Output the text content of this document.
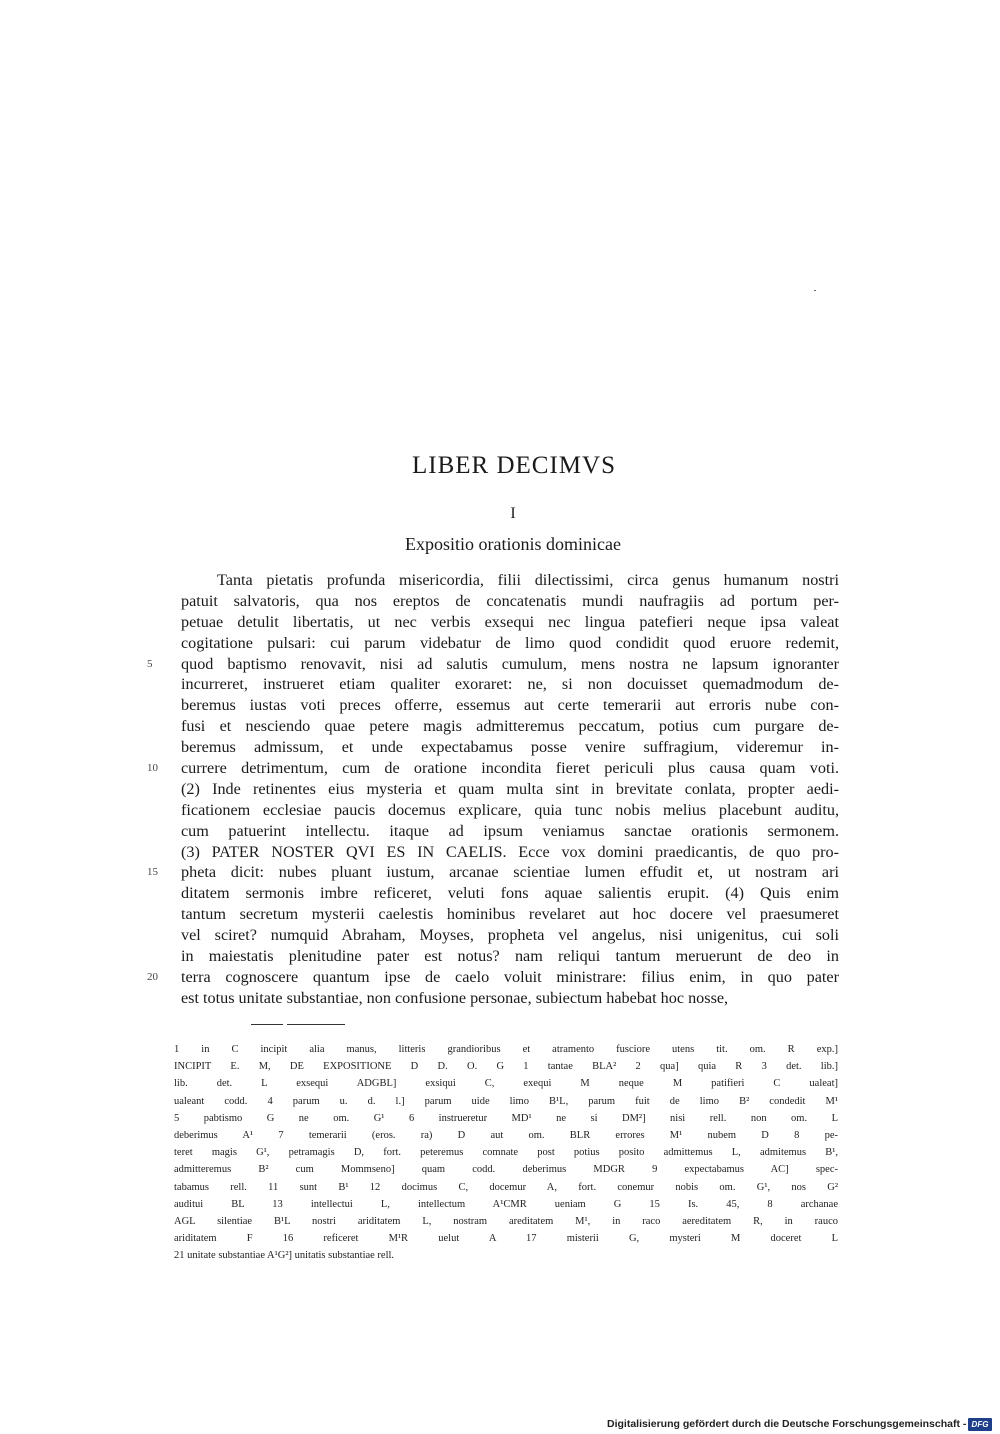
LIBER DECIMVS
I
Expositio orationis dominicae
Tanta pietatis profunda misericordia, filii dilectissimi, circa genus humanum nostri
patuit salvatoris, qua nos ereptos de concatenatis mundi naufragiis ad portum per-
petuae detulit libertatis, ut nec verbis exsequi nec lingua patefieri neque ipsa valeat
cogitatione pulsari: cui parum videbatur de limo quod condidit quod eruore redemit,
5	quod baptismo renovavit, nisi ad salutis cumulum, mens nostra ne lapsum ignoranter
incurreret, instrueret etiam qualiter exoraret: ne, si non docuisset quemadmodum de-
beremus iustas voti preces offerre, essemus aut certe temerarii aut erroris nube con-
fusi et nesciendo quae petere magis admitteremus peccatum, potius cum purgare de-
beremus admissum, et unde expectabamus posse venire suffragium, videremur in-
10	currere detrimentum, cum de oratione incondita fieret periculi plus causa quam voti.
(2) Inde retinentes eius mysteria et quam multa sint in brevitate conlata, propter aedi-
ficationem ecclesiae paucis docemus explicare, quia tunc nobis melius placebunt auditu,
cum patuerint intellectu. itaque ad ipsum veniamus sanctae orationis sermonem.
(3) PATER NOSTER QVI ES IN CAELIS. Ecce vox domini praedicantis, de quo pro-
15	pheta dicit: nubes pluant iustum, arcanae scientiae lumen effudit et, ut nostram ari
ditatem sermonis imbre reficeret, veluti fons aquae salientis erupit. (4) Quis enim
tantum secretum mysterii caelestis hominibus revelaret aut hoc docere vel praesumeret
vel sciret? numquid Abraham, Moyses, propheta vel angelus, nisi unigenitus, cui soli
in maiestatis plenitudine pater est notus? nam reliqui tantum meruerunt de deo in
20	terra cognoscere quantum ipse de caelo voluit ministrare: filius enim, in quo pater
est totus unitate substantiae, non confusione personae, subiectum habebat hoc nosse,
1 in C incipit alia manus, litteris grandioribus et atramento fusciore utens tit. om. R exp.]
INCIPIT E. M, DE EXPOSITIONE D D. O. G 1 tantae BLA² 2 qua] quia R 3 det. lib.]
lib. det. L exsequi ADGBL] exsiqui C, exequi M neque M patifieri C ualeat]
ualeant codd. 4 parum u. d. l.] parum uide limo B¹L, parum fuit de limo B² condedit M¹
5 pabtismo G ne om. G¹ 6 instrueretur MD¹ ne si DM²] nisi rell. non om. L
deberimus A¹ 7 temerarii (eros. ra) D aut om. BLR errores M¹ nubem D 8 pe-
teret magis G¹, petramagis D, fort. peteremus comnate post potius posito admittemus L, admitemus B¹,
admitteremus B² cum Mommseno] quam codd. deberimus MDGR 9 expectabamus AC] spec-
tabamus rell. 11 sunt B¹ 12 docimus C, docemur A, fort. conemur nobis om. G¹, nos G²
auditui BL 13 intellectui L, intellectum A¹CMR ueniam G 15 Is. 45, 8 archanae
AGL silentiae B¹L nostri ariditatem L, nostram areditatem M¹, in raco aereditatem R, in rauco
ariditatem F 16 reficeret M¹R uelut A 17 misterii G, mysteri M doceret L
21 unitate substantiae A¹G²] unitatis substantiae rell.
Digitalisierung gefördert durch die Deutsche Forschungsgemeinschaft - DFG
